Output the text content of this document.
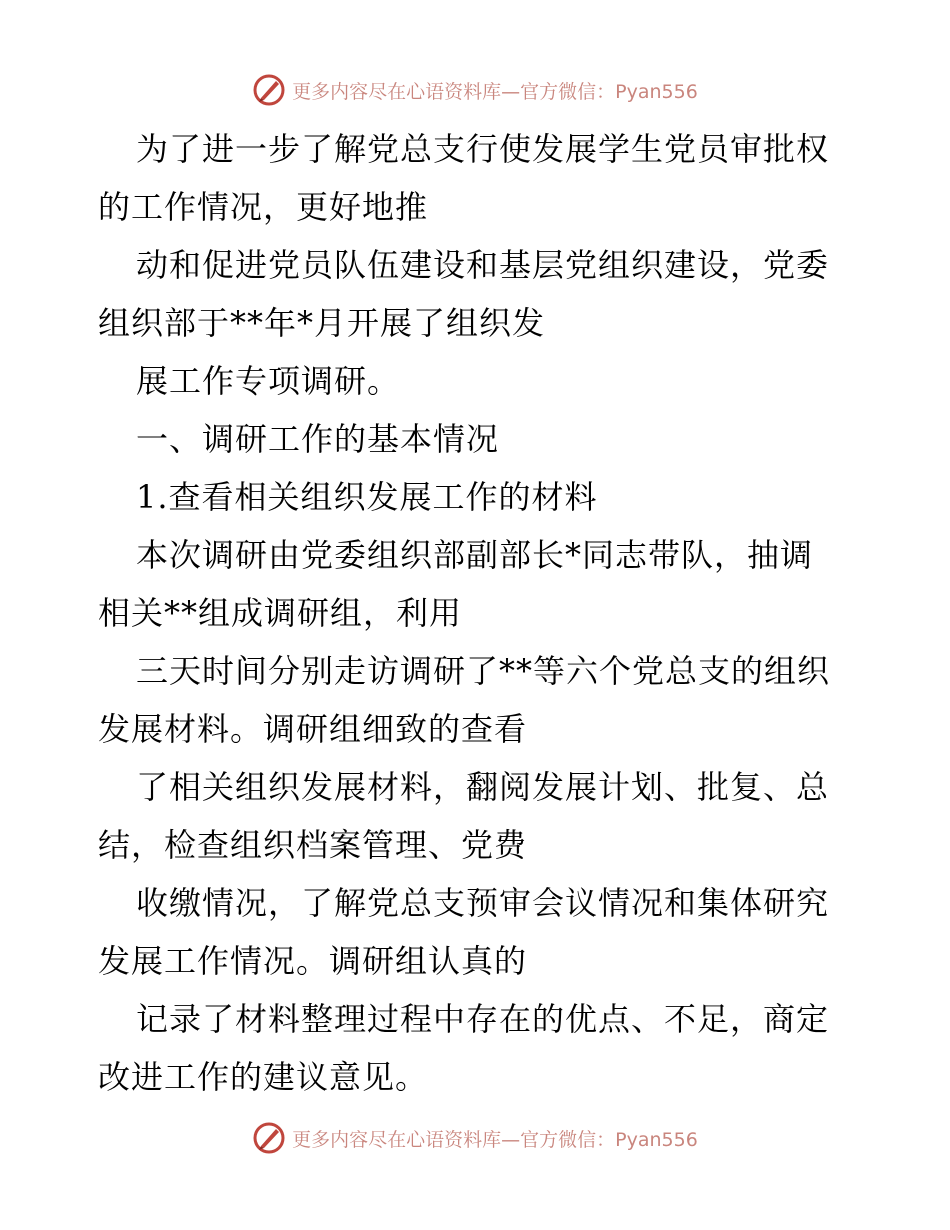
更多内容尽在心语资料库—官方微信：Pyan556
为了进一步了解党总支行使发展学生党员审批权
的工作情况，更好地推
动和促进党员队伍建设和基层党组织建设，党委
组织部于**年*月开展了组织发
展工作专项调研。
一、调研工作的基本情况
1.查看相关组织发展工作的材料
本次调研由党委组织部副部长*同志带队，抽调
相关**组成调研组，利用
三天时间分别走访调研了**等六个党总支的组织
发展材料。调研组细致的查看
了相关组织发展材料，翻阅发展计划、批复、总
结，检查组织档案管理、党费
收缴情况，了解党总支预审会议情况和集体研究
发展工作情况。调研组认真的
记录了材料整理过程中存在的优点、不足，商定
改进工作的建议意见。
更多内容尽在心语资料库—官方微信：Pyan556
